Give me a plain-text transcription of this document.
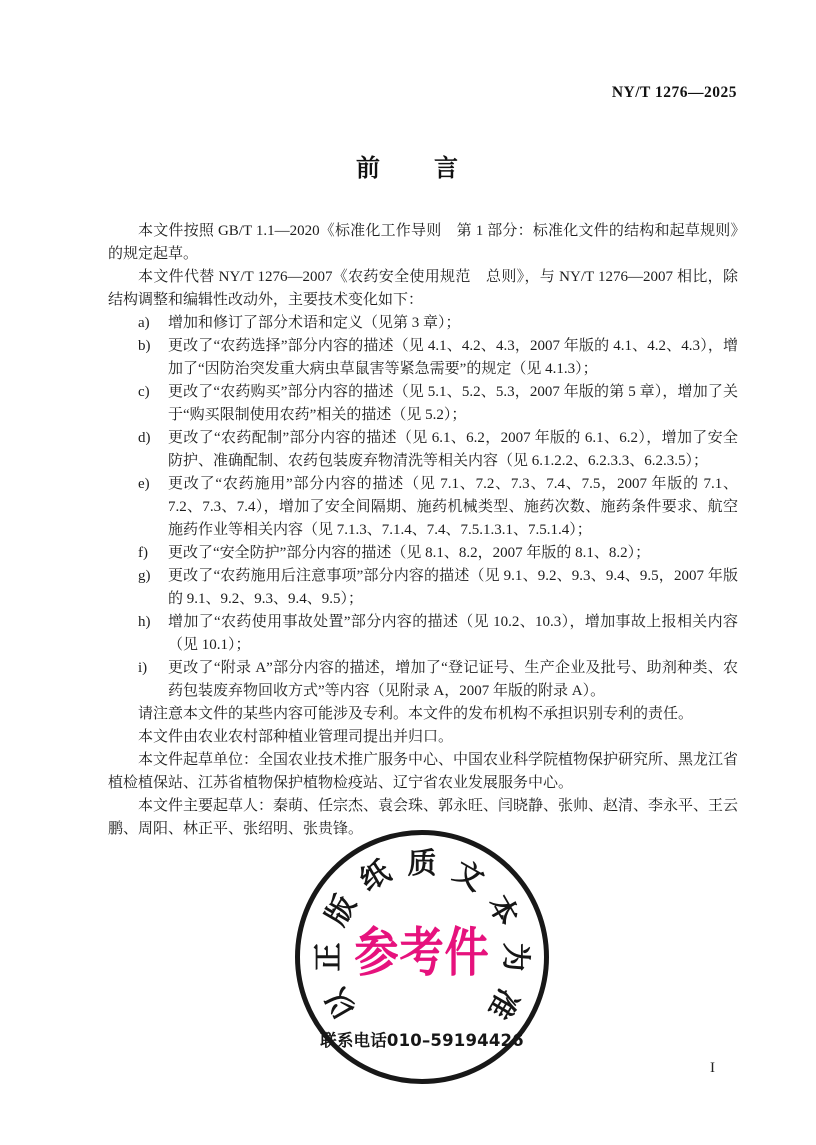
NY/T 1276—2025
前　　言

本文件按照 GB/T 1.1—2020《标准化工作导则　第 1 部分：标准化文件的结构和起草规则》的规定起草。

本文件代替 NY/T 1276—2007《农药安全使用规范　总则》，与 NY/T 1276—2007 相比，除结构调整和编辑性改动外，主要技术变化如下：

a) 增加和修订了部分术语和定义（见第 3 章）；
b) 更改了“农药选择”部分内容的描述（见 4.1、4.2、4.3，2007 年版的 4.1、4.2、4.3），增加了“因防治突发重大病虫草鼠害等紧急需要”的规定（见 4.1.3）；
c) 更改了“农药购买”部分内容的描述（见 5.1、5.2、5.3，2007 年版的第 5 章），增加了关于“购买限制使用农药”相关的描述（见 5.2）；
d) 更改了“农药配制”部分内容的描述（见 6.1、6.2，2007 年版的 6.1、6.2），增加了安全防护、准确配制、农药包装废弃物清洗等相关内容（见 6.1.2.2、6.2.3.3、6.2.3.5）；
e) 更改了“农药施用”部分内容的描述（见 7.1、7.2、7.3、7.4、7.5，2007 年版的 7.1、7.2、7.3、7.4），增加了安全间隔期、施药机械类型、施药次数、施药条件要求、航空施药作业等相关内容（见 7.1.3、7.1.4、7.4、7.5.1.3.1、7.5.1.4）；
f) 更改了“安全防护”部分内容的描述（见 8.1、8.2，2007 年版的 8.1、8.2）；
g) 更改了“农药施用后注意事项”部分内容的描述（见 9.1、9.2、9.3、9.4、9.5，2007 年版的 9.1、9.2、9.3、9.4、9.5）；
h) 增加了“农药使用事故处置”部分内容的描述（见 10.2、10.3），增加事故上报相关内容（见 10.1）；
i) 更改了“附录 A”部分内容的描述，增加了“登记证号、生产企业及批号、助剂种类、农药包装废弃物回收方式”等内容（见附录 A，2007 年版的附录 A）。

请注意本文件的某些内容可能涉及专利。本文件的发布机构不承担识别专利的责任。

本文件由农业农村部种植业管理司提出并归口。

本文件起草单位：全国农业技术推广服务中心、中国农业科学院植物保护研究所、黑龙江省植检植保站、江苏省植物保护植物检疫站、辽宁省农业发展服务中心。

本文件主要起草人：秦萌、任宗杰、袁会珠、郭永旺、闫晓静、张帅、赵清、李永平、王云鹏、周阳、林正平、张绍明、张贵锋。

以
正
版
纸 质 文
本
为
准
参考件
联系电话010–59194426
I
